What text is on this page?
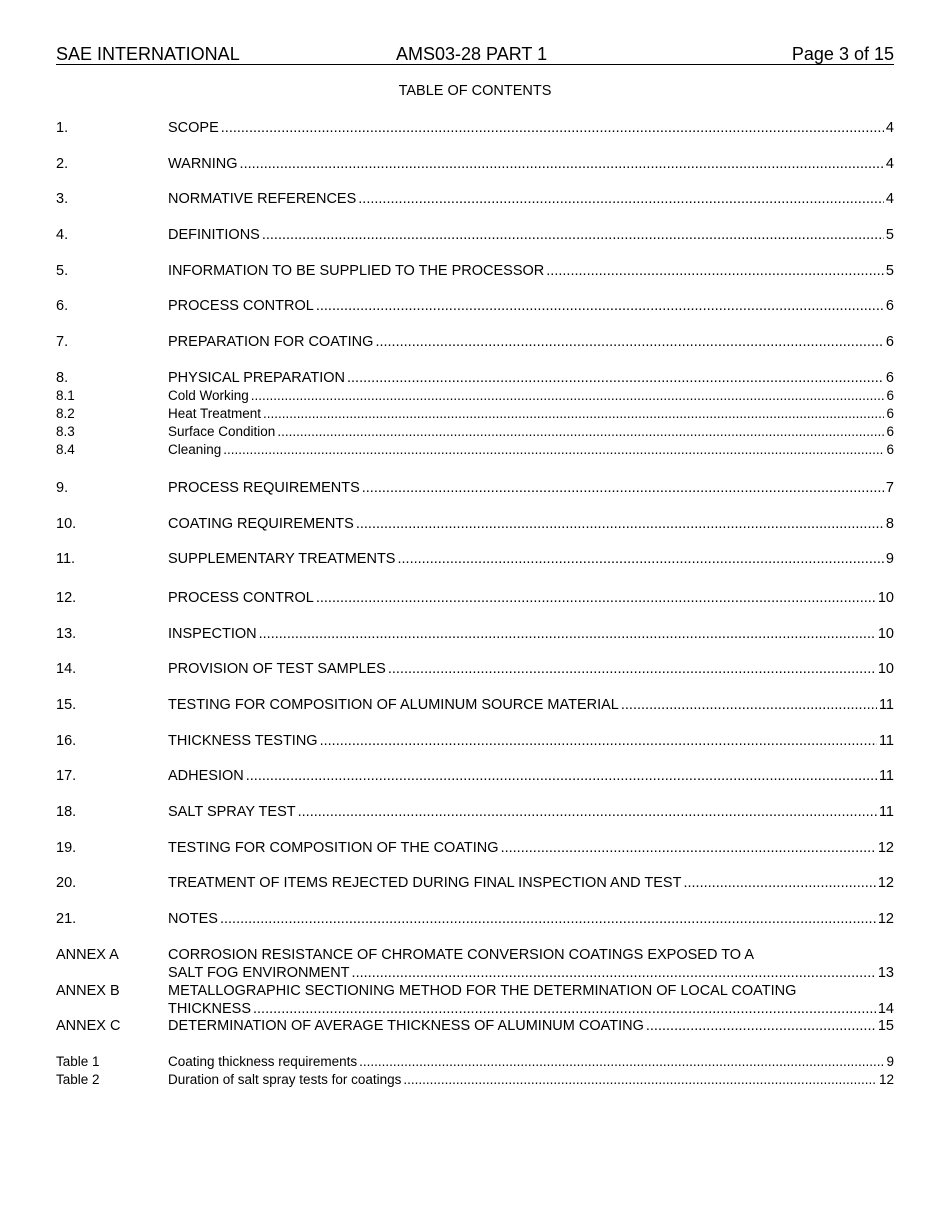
SAE INTERNATIONAL	AMS03-28 PART 1	Page 3 of 15
TABLE OF CONTENTS
1.	SCOPE .....	4
2.	WARNING .....	4
3.	NORMATIVE REFERENCES .....	4
4.	DEFINITIONS .....	5
5.	INFORMATION TO BE SUPPLIED TO THE PROCESSOR .....	5
6.	PROCESS CONTROL .....	6
7.	PREPARATION FOR COATING .....	6
8.	PHYSICAL PREPARATION .....	6
8.1	Cold Working .....	6
8.2	Heat Treatment .....	6
8.3	Surface Condition .....	6
8.4	Cleaning .....	6
9.	PROCESS REQUIREMENTS .....	7
10.	COATING REQUIREMENTS .....	8
11.	SUPPLEMENTARY TREATMENTS .....	9
12.	PROCESS CONTROL .....	10
13.	INSPECTION .....	10
14.	PROVISION OF TEST SAMPLES .....	10
15.	TESTING FOR COMPOSITION OF ALUMINUM SOURCE MATERIAL .....	11
16.	THICKNESS TESTING .....	11
17.	ADHESION .....	11
18.	SALT SPRAY TEST .....	11
19.	TESTING FOR COMPOSITION OF THE COATING .....	12
20.	TREATMENT OF ITEMS REJECTED DURING FINAL INSPECTION AND TEST .....	12
21.	NOTES .....	12
ANNEX A	CORROSION RESISTANCE OF CHROMATE CONVERSION COATINGS EXPOSED TO A
SALT FOG ENVIRONMENT .....	13
ANNEX B	METALLOGRAPHIC SECTIONING METHOD FOR THE DETERMINATION OF LOCAL COATING
THICKNESS .....	14
ANNEX C	DETERMINATION OF AVERAGE THICKNESS OF ALUMINUM COATING .....	15
Table 1	Coating thickness requirements .....	9
Table 2	Duration of salt spray tests for coatings .....	12
